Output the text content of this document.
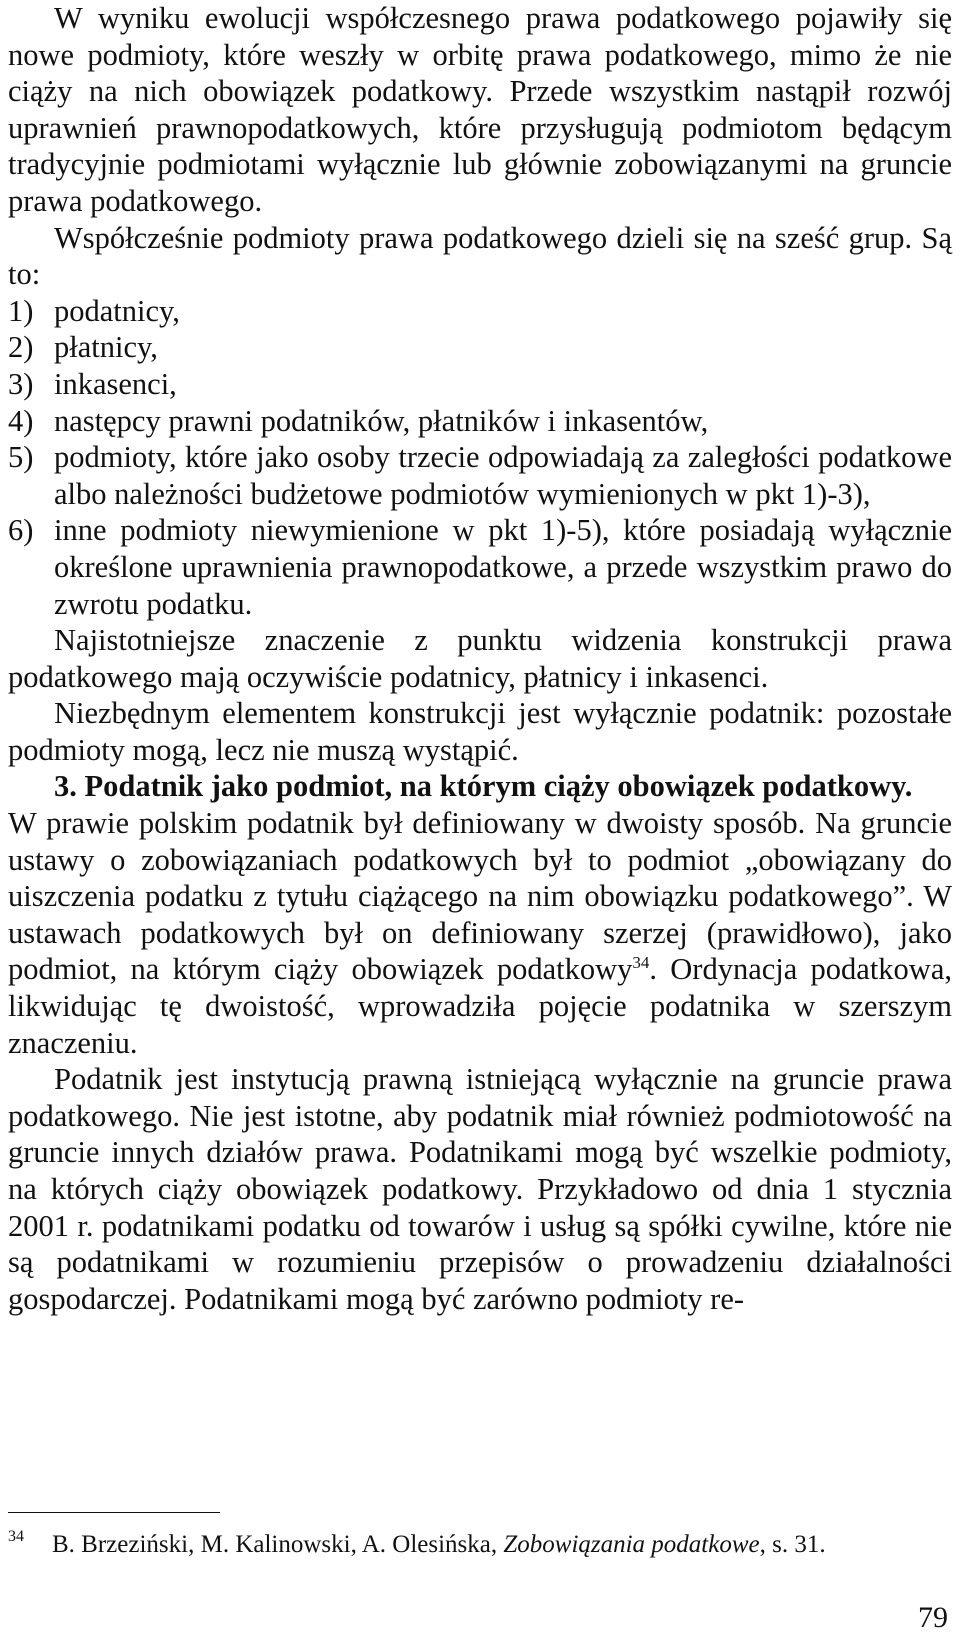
W wyniku ewolucji współczesnego prawa podatkowego pojawiły się nowe podmioty, które weszły w orbitę prawa podatkowego, mimo że nie ciąży na nich obowiązek podatkowy. Przede wszystkim nastąpił rozwój uprawnień prawnopodatkowych, które przysługują podmiotom będącym tradycyjnie podmiotami wyłącznie lub głównie zobowiązanymi na gruncie prawa podatkowego.

Współcześnie podmioty prawa podatkowego dzieli się na sześć grup. Są to:

1) podatnicy,
2) płatnicy,
3) inkasenci,
4) następcy prawni podatników, płatników i inkasentów,
5) podmioty, które jako osoby trzecie odpowiadają za zaległości podatkowe albo należności budżetowe podmiotów wymienionych w pkt 1)-3),
6) inne podmioty niewymienione w pkt 1)-5), które posiadają wyłącznie określone uprawnienia prawnopodatkowe, a przede wszystkim prawo do zwrotu podatku.

Najistotniejsze znaczenie z punktu widzenia konstrukcji prawa podatkowego mają oczywiście podatnicy, płatnicy i inkasenci.

Niezbędnym elementem konstrukcji jest wyłącznie podatnik: pozostałe podmioty mogą, lecz nie muszą wystąpić.

3. Podatnik jako podmiot, na którym ciąży obowiązek podatkowy.

W prawie polskim podatnik był definiowany w dwoisty sposób. Na gruncie ustawy o zobowiązaniach podatkowych był to podmiot „obowiązany do uiszczenia podatku z tytułu ciążącego na nim obowiązku podatkowego”. W ustawach podatkowych był on definiowany szerzej (prawidłowo), jako podmiot, na którym ciąży obowiązek podatkowy$^{34}$. Ordynacja podatkowa, likwidując tę dwoistość, wprowadziła pojęcie podatnika w szerszym znaczeniu.

Podatnik jest instytucją prawną istniejącą wyłącznie na gruncie prawa podatkowego. Nie jest istotne, aby podatnik miał również podmiotowość na gruncie innych działów prawa. Podatnikami mogą być wszelkie podmioty, na których ciąży obowiązek podatkowy. Przykładowo od dnia 1 stycznia 2001 r. podatnikami podatku od towarów i usług są spółki cywilne, które nie są podatnikami w rozumieniu przepisów o prowadzeniu działalności gospodarczej. Podatnikami mogą być zarówno podmioty re-

34 B. Brzeziński, M. Kalinowski, A. Olesińska, Zobowiązania podatkowe, s. 31.
79
